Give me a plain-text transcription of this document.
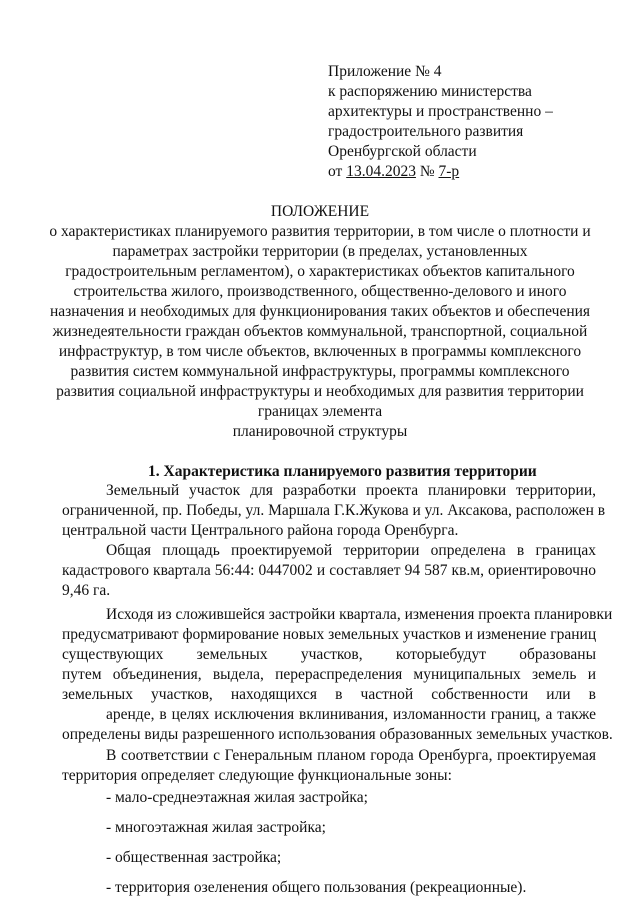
Приложение № 4
к распоряжению министерства
архитектуры и пространственно –
градостроительного развития
Оренбургской области
от 13.04.2023 № 7-р
ПОЛОЖЕНИЕ
о характеристиках планируемого развития территории, в том числе о плотности и
параметрах застройки территории (в пределах, установленных
градостроительным регламентом), о характеристиках объектов капитального
строительства жилого, производственного, общественно-делового и иного
назначения и необходимых для функционирования таких объектов и обеспечения
жизнедеятельности граждан объектов коммунальной, транспортной, социальной
инфраструктур, в том числе объектов, включенных в программы комплексного
развития систем коммунальной инфраструктуры, программы комплексного
развития социальной инфраструктуры и необходимых для развития территории
границах элемента
планировочной структуры
1. Характеристика планируемого развития территории
Земельный участок для разработки проекта планировки территории,
ограниченной, пр. Победы, ул. Маршала Г.К.Жукова и ул. Аксакова, расположен в
центральной части Центрального района города Оренбурга.
Общая площадь проектируемой территории определена в границах
кадастрового квартала 56:44: 0447002 и составляет 94 587 кв.м, ориентировочно
9,46 га.
Исходя из сложившейся застройки квартала, изменения проекта планировки
предусматривают формирование новых земельных участков и изменение границ
существующих земельных участков, которыебудут образованы
путем объединения, выдела, перераспределения муниципальных земель и
земельных участков, находящихся в частной собственности или в
аренде, в целях исключения вклинивания, изломанности границ, а также
определены виды разрешенного использования образованных земельных участков.
В соответствии с Генеральным планом города Оренбурга, проектируемая
территория определяет следующие функциональные зоны:
- мало-среднеэтажная жилая застройка;
- многоэтажная жилая застройка;
- общественная застройка;
- территория озеленения общего пользования (рекреационные).
